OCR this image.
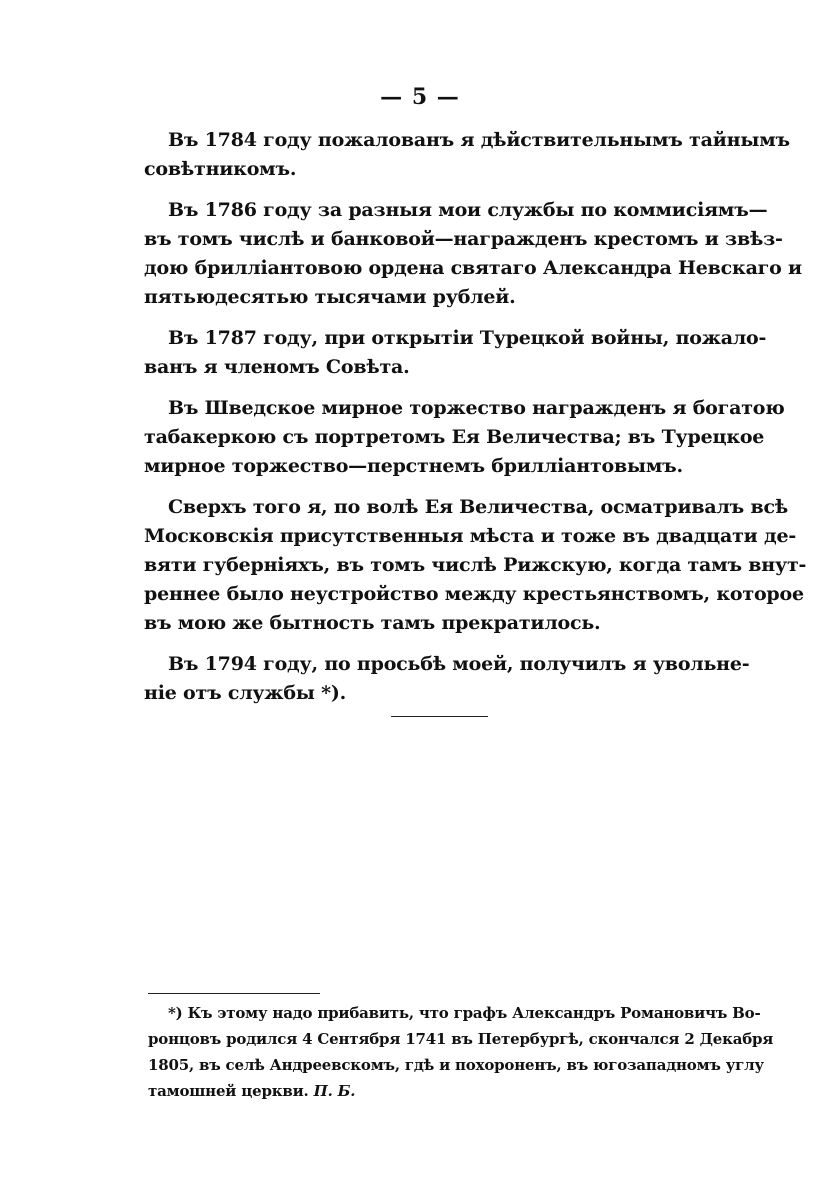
— 5 —

Въ 1784 году пожалованъ я дѣйствительнымъ тайнымъ
совѣтникомъ.

Въ 1786 году за разныя мои службы по коммисіямъ—
въ томъ числѣ и банковой—награжденъ крестомъ и звѣз-
дою брилліантовою ордена святаго Александра Невскаго и
пятьюдесятью тысячами рублей.

Въ 1787 году, при открытіи Турецкой войны, пожало-
ванъ я членомъ Совѣта.

Въ Шведское мирное торжество награжденъ я богатою
табакеркою съ портретомъ Ея Величества; въ Турецкое
мирное торжество—перстнемъ брилліантовымъ.

Сверхъ того я, по волѣ Ея Величества, осматривалъ всѣ
Московскія присутственныя мѣста и тоже въ двадцати де-
вяти губерніяхъ, въ томъ числѣ Рижскую, когда тамъ внут-
реннее было неустройство между крестьянствомъ, которое
въ мою же бытность тамъ прекратилось.

Въ 1794 году, по просьбѣ моей, получилъ я увольне-
ніе отъ службы *).

*) Къ этому надо прибавить, что графъ Александръ Романовичъ Во-
ронцовъ родился 4 Сентября 1741 въ Петербургѣ, скончался 2 Декабря
1805, въ селѣ Андреевскомъ, гдѣ и похороненъ, въ югозападномъ углу
тамошней церкви. П. Б.
